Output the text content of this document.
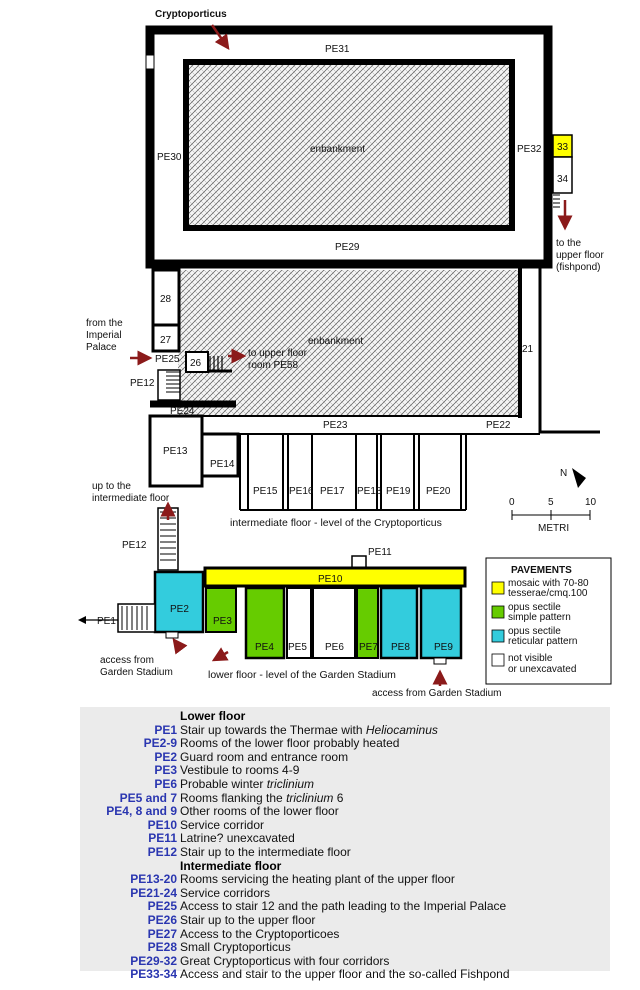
Cryptoporticus
PE31
PE30
PE32
PE29
33
34
28
27
26
PE25
PE12
PE24
PE23	PE22
21
PE13
PE14
PE15 PE16 PE17 PE18 PE19 PE20
PE12
PE11
PE10
PE2
PE1	PE3
PE4 PE5 PE6 PE7 PE8 PE9
enbankment
enbankment
to the
upper floor
(fishpond)
from the
Imperial
Palace
to upper floor
room PE58
up to the
intermediate floor
intermediate floor - level of the Cryptoporticus
lower floor - level of the Garden Stadium
access from
Garden Stadium
access from Garden Stadium
N
0	5	10
METRI
PAVEMENTS
mosaic with 70-80
tesserae/cmq.100
opus sectile
simple pattern
opus sectile
reticular pattern
not visible
or unexcavated
	Lower floor
PE1	Stair up towards the Thermae with Heliocaminus
PE2-9	Rooms of the lower floor probably heated
PE2	Guard room and entrance room
PE3	Vestibule to rooms 4-9
PE6	Probable winter triclinium
PE5 and 7	Rooms flanking the triclinium 6
PE4, 8 and 9	Other rooms of the lower floor
PE10	Service corridor
PE11	Latrine? unexcavated
PE12	Stair up to the intermediate floor
	Intermediate floor
PE13-20	Rooms servicing the heating plant of the upper floor
PE21-24	Service corridors
PE25	Access to stair 12 and the path leading to the Imperial Palace
PE26	Stair up to the upper floor
PE27	Access to the Cryptoporticoes
PE28	Small Cryptoporticus
PE29-32	Great Cryptoporticus with four corridors
PE33-34	Access and stair to the upper floor and the so-called Fishpond
